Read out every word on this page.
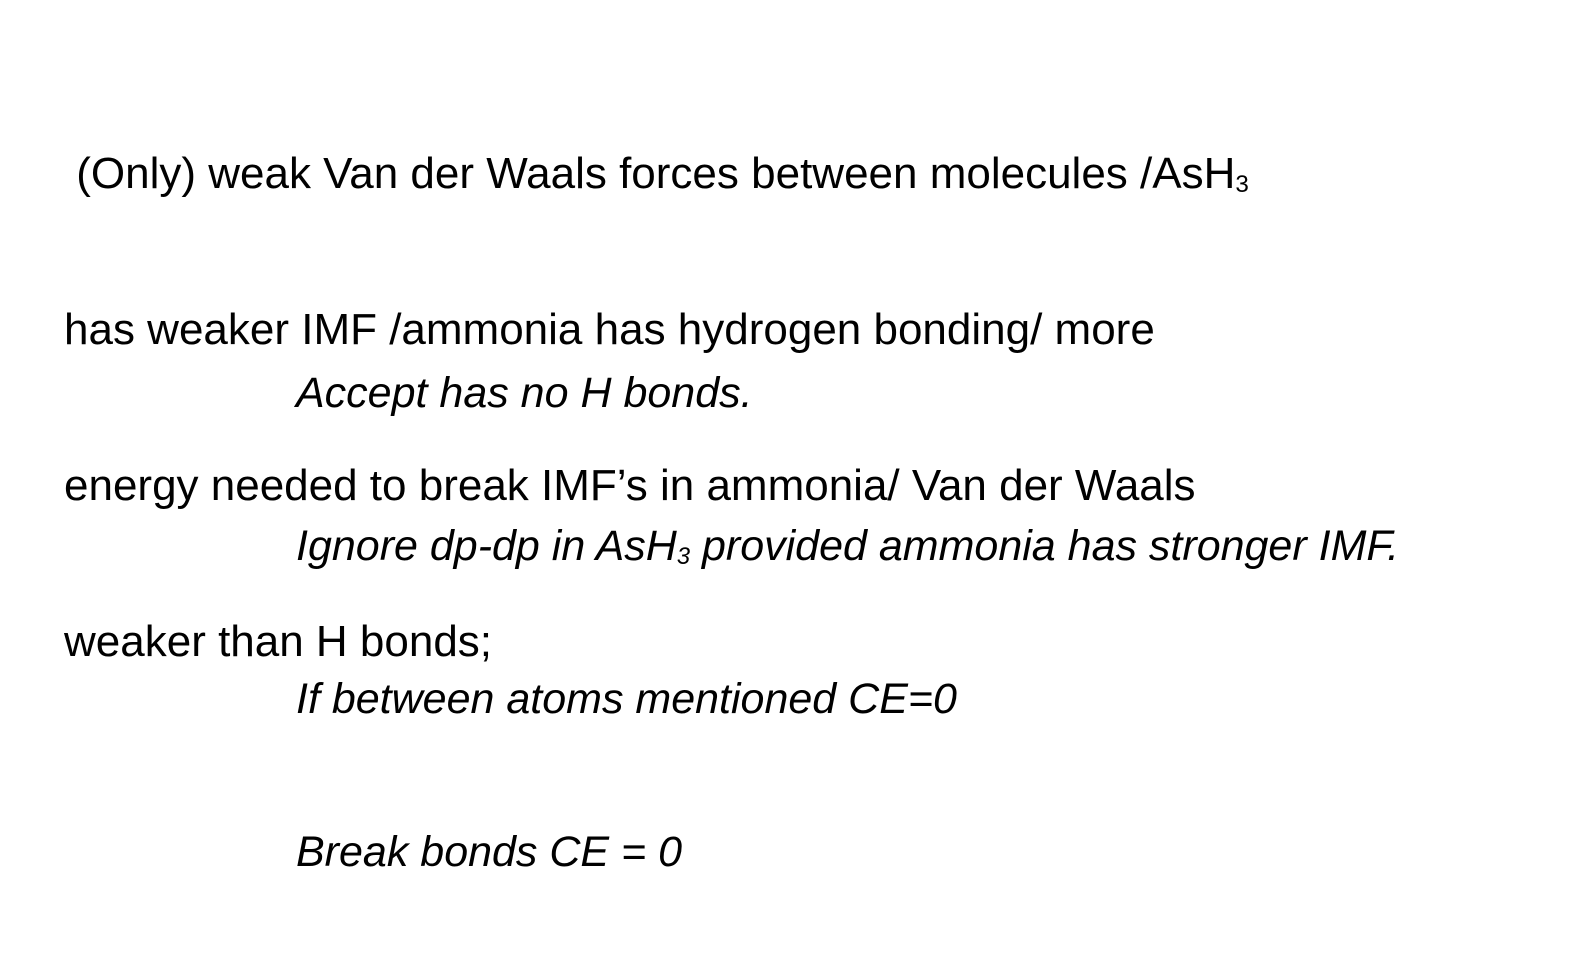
(Only) weak Van der Waals forces between molecules /AsH$_3$

has weaker IMF /ammonia has hydrogen bonding/ more

energy needed to break IMF’s in ammonia/ Van der Waals

weaker than H bonds;

Accept has no H bonds.

Ignore dp-dp in AsH$_3$ provided ammonia has stronger IMF.

If between atoms mentioned CE=0

Break bonds CE = 0
